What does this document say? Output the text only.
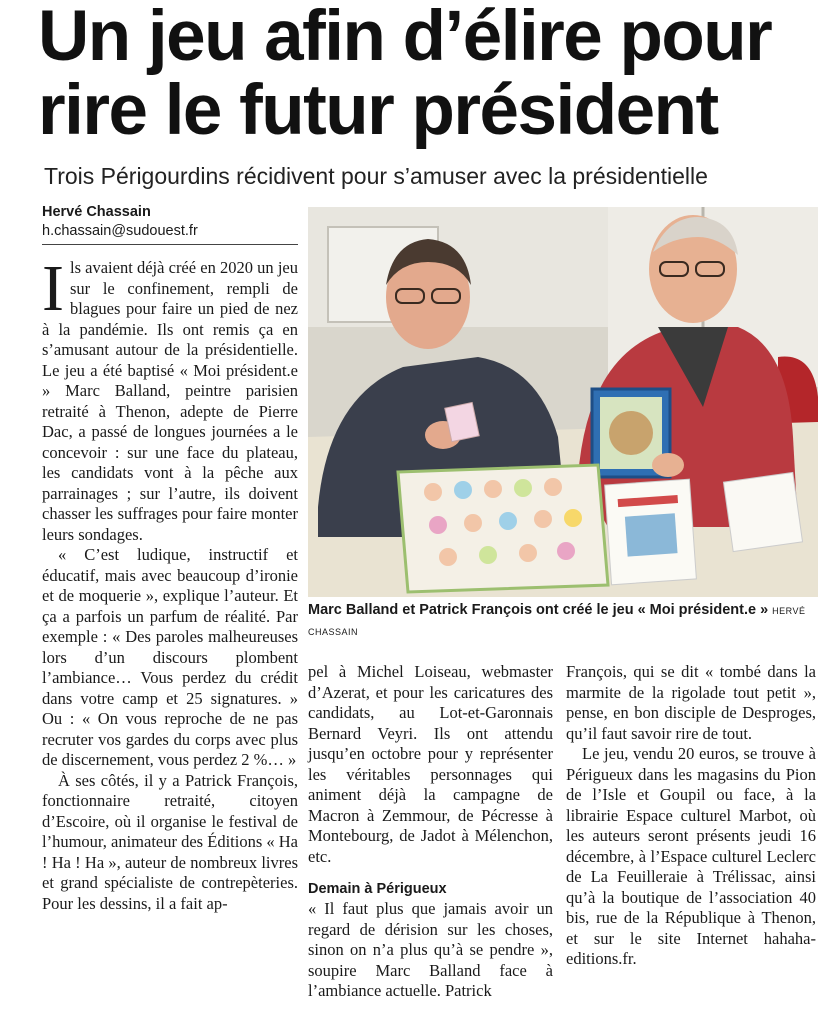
Un jeu afin d’élire pour
rire le futur président

Trois Périgourdins récidivent pour s’amuser avec la présidentielle

Hervé Chassain
h.chassain@sudouest.fr

Ils avaient déjà créé en 2020 un jeu sur le confinement, rempli de blagues pour faire un pied de nez à la pandémie. Ils ont remis ça en s’amusant autour de la présidentielle. Le jeu a été baptisé « Moi président.e » Marc Balland, peintre parisien retraité à Thenon, adepte de Pierre Dac, a passé de longues journées a le concevoir : sur une face du plateau, les candidats vont à la pêche aux parrainages ; sur l’autre, ils doivent chasser les suffrages pour faire monter leurs sondages.

« C’est ludique, instructif et éducatif, mais avec beaucoup d’ironie et de moquerie », explique l’auteur. Et ça a parfois un parfum de réalité. Par exemple : « Des paroles malheureuses lors d’un discours plombent l’ambiance… Vous perdez du crédit dans votre camp et 25 signatures. » Ou : « On vous reproche de ne pas recruter vos gardes du corps avec plus de discernement, vous perdez 2 %… »

À ses côtés, il y a Patrick François, fonctionnaire retraité, citoyen d’Escoire, où il organise le festival de l’humour, animateur des Éditions « Ha ! Ha ! Ha », auteur de nombreux livres et grand spécialiste de contrepèteries. Pour les dessins, il a fait ap-

Marc Balland et Patrick François ont créé le jeu « Moi président.e » HERVÉ CHASSAIN

pel à Michel Loiseau, webmaster d’Azerat, et pour les caricatures des candidats, au Lot-et-Garonnais Bernard Veyri. Ils ont attendu jusqu’en octobre pour y représenter les véritables personnages qui animent déjà la campagne de Macron à Zemmour, de Pécresse à Montebourg, de Jadot à Mélenchon, etc.

Demain à Périgueux

« Il faut plus que jamais avoir un regard de dérision sur les choses, sinon on n’a plus qu’à se pendre », soupire Marc Balland face à l’ambiance actuelle. Patrick

François, qui se dit « tombé dans la marmite de la rigolade tout petit », pense, en bon disciple de Desproges, qu’il faut savoir rire de tout.

Le jeu, vendu 20 euros, se trouve à Périgueux dans les magasins du Pion de l’Isle et Goupil ou face, à la librairie Espace culturel Marbot, où les auteurs seront présents jeudi 16 décembre, à l’Espace culturel Leclerc de La Feuilleraie à Trélissac, ainsi qu’à la boutique de l’association 40 bis, rue de la République à Thenon, et sur le site Internet hahaha-editions.fr.
